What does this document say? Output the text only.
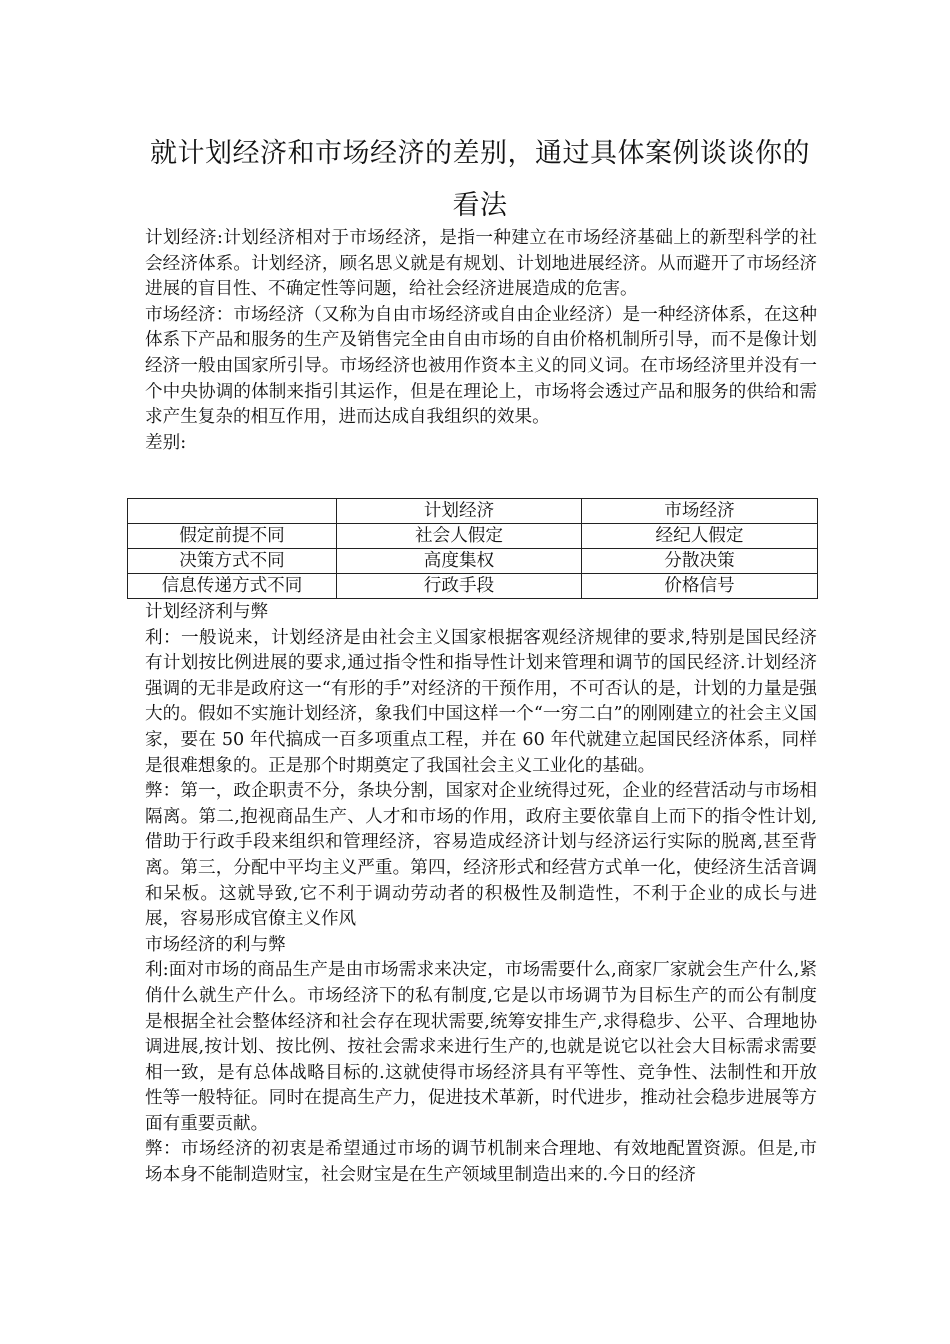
就计划经济和市场经济的差别，通过具体案例谈谈你的看法

计划经济:计划经济相对于市场经济，是指一种建立在市场经济基础上的新型科学的社会经济体系。计划经济，顾名思义就是有规划、计划地进展经济。从而避开了市场经济进展的盲目性、不确定性等问题，给社会经济进展造成的危害。

市场经济：市场经济（又称为自由市场经济或自由企业经济）是一种经济体系，在这种体系下产品和服务的生产及销售完全由自由市场的自由价格机制所引导，而不是像计划经济一般由国家所引导。市场经济也被用作资本主义的同义词。在市场经济里并没有一个中央协调的体制来指引其运作，但是在理论上，市场将会透过产品和服务的供给和需求产生复杂的相互作用，进而达成自我组织的效果。

差别:

	计划经济	市场经济
假定前提不同	社会人假定	经纪人假定
决策方式不同	高度集权	分散决策
信息传递方式不同	行政手段	价格信号

计划经济利与弊

利：一般说来，计划经济是由社会主义国家根据客观经济规律的要求,特别是国民经济有计划按比例进展的要求,通过指令性和指导性计划来管理和调节的国民经济.计划经济强调的无非是政府这一“有形的手”对经济的干预作用，不可否认的是，计划的力量是强大的。假如不实施计划经济，象我们中国这样一个“一穷二白”的刚刚建立的社会主义国家，要在 50 年代搞成一百多项重点工程，并在 60 年代就建立起国民经济体系，同样是很难想象的。正是那个时期奠定了我国社会主义工业化的基础。

弊：第一，政企职责不分，条块分割，国家对企业统得过死，企业的经营活动与市场相隔离。第二,抱视商品生产、人才和市场的作用，政府主要依靠自上而下的指令性计划,借助于行政手段来组织和管理经济，容易造成经济计划与经济运行实际的脱离,甚至背离。第三，分配中平均主义严重。第四，经济形式和经营方式单一化，使经济生活音调和呆板。这就导致,它不利于调动劳动者的积极性及制造性，不利于企业的成长与进展，容易形成官僚主义作风

市场经济的利与弊

利:面对市场的商品生产是由市场需求来决定，市场需要什么,商家厂家就会生产什么,紧俏什么就生产什么。市场经济下的私有制度,它是以市场调节为目标生产的而公有制度是根据全社会整体经济和社会存在现状需要,统筹安排生产,求得稳步、公平、合理地协调进展,按计划、按比例、按社会需求来进行生产的,也就是说它以社会大目标需求需要相一致，是有总体战略目标的.这就使得市场经济具有平等性、竞争性、法制性和开放性等一般特征。同时在提高生产力，促进技术革新，时代进步，推动社会稳步进展等方面有重要贡献。

弊：市场经济的初衷是希望通过市场的调节机制来合理地、有效地配置资源。但是,市场本身不能制造财宝，社会财宝是在生产领域里制造出来的.今日的经济
